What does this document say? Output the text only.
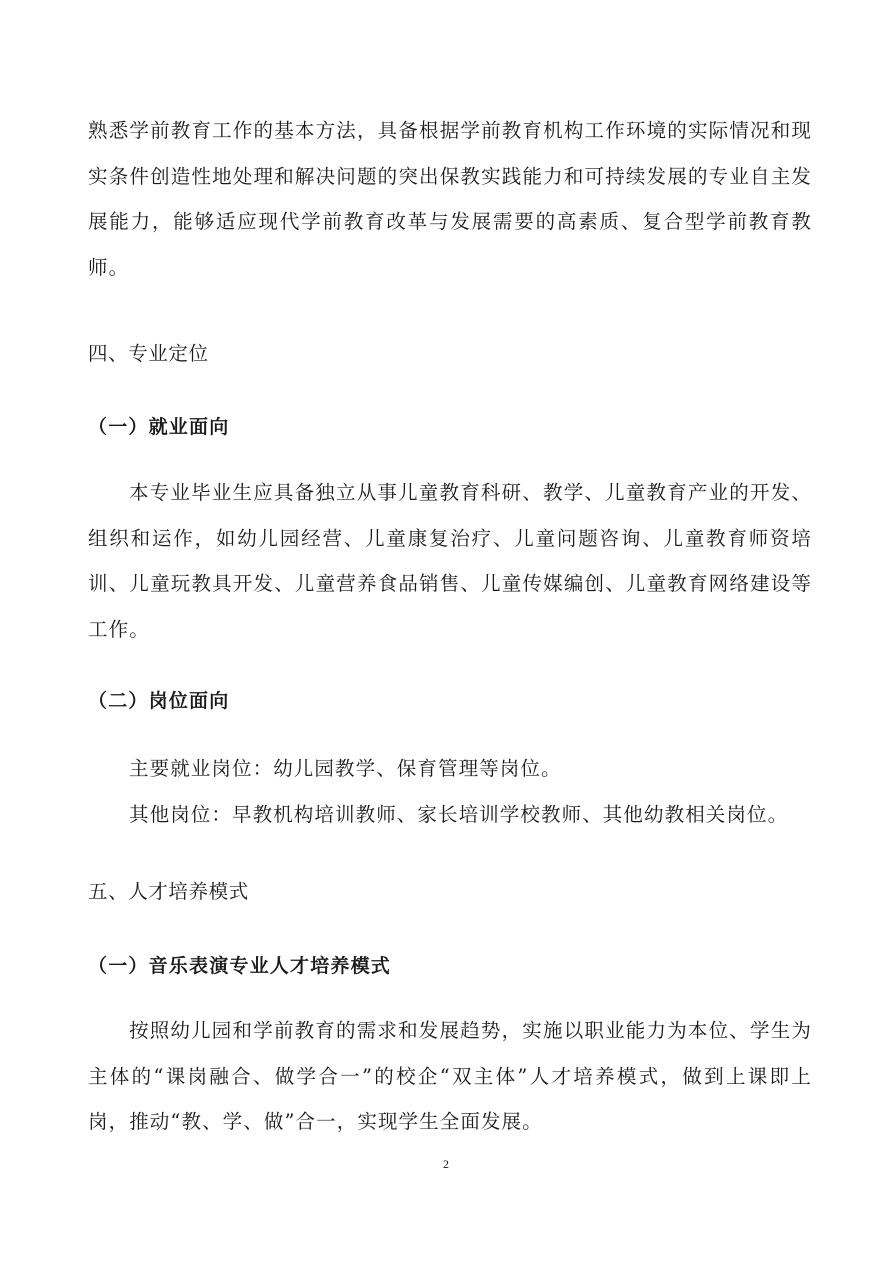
熟悉学前教育工作的基本方法，具备根据学前教育机构工作环境的实际情况和现实条件创造性地处理和解决问题的突出保教实践能力和可持续发展的专业自主发展能力，能够适应现代学前教育改革与发展需要的高素质、复合型学前教育教师。

四、专业定位

（一）就业面向

本专业毕业生应具备独立从事儿童教育科研、教学、儿童教育产业的开发、组织和运作，如幼儿园经营、儿童康复治疗、儿童问题咨询、儿童教育师资培训、儿童玩教具开发、儿童营养食品销售、儿童传媒编创、儿童教育网络建设等工作。

（二）岗位面向

主要就业岗位：幼儿园教学、保育管理等岗位。

其他岗位：早教机构培训教师、家长培训学校教师、其他幼教相关岗位。

五、人才培养模式

（一）音乐表演专业人才培养模式

按照幼儿园和学前教育的需求和发展趋势，实施以职业能力为本位、学生为主体的“课岗融合、做学合一”的校企“双主体”人才培养模式，做到上课即上岗，推动“教、学、做”合一，实现学生全面发展。

2
